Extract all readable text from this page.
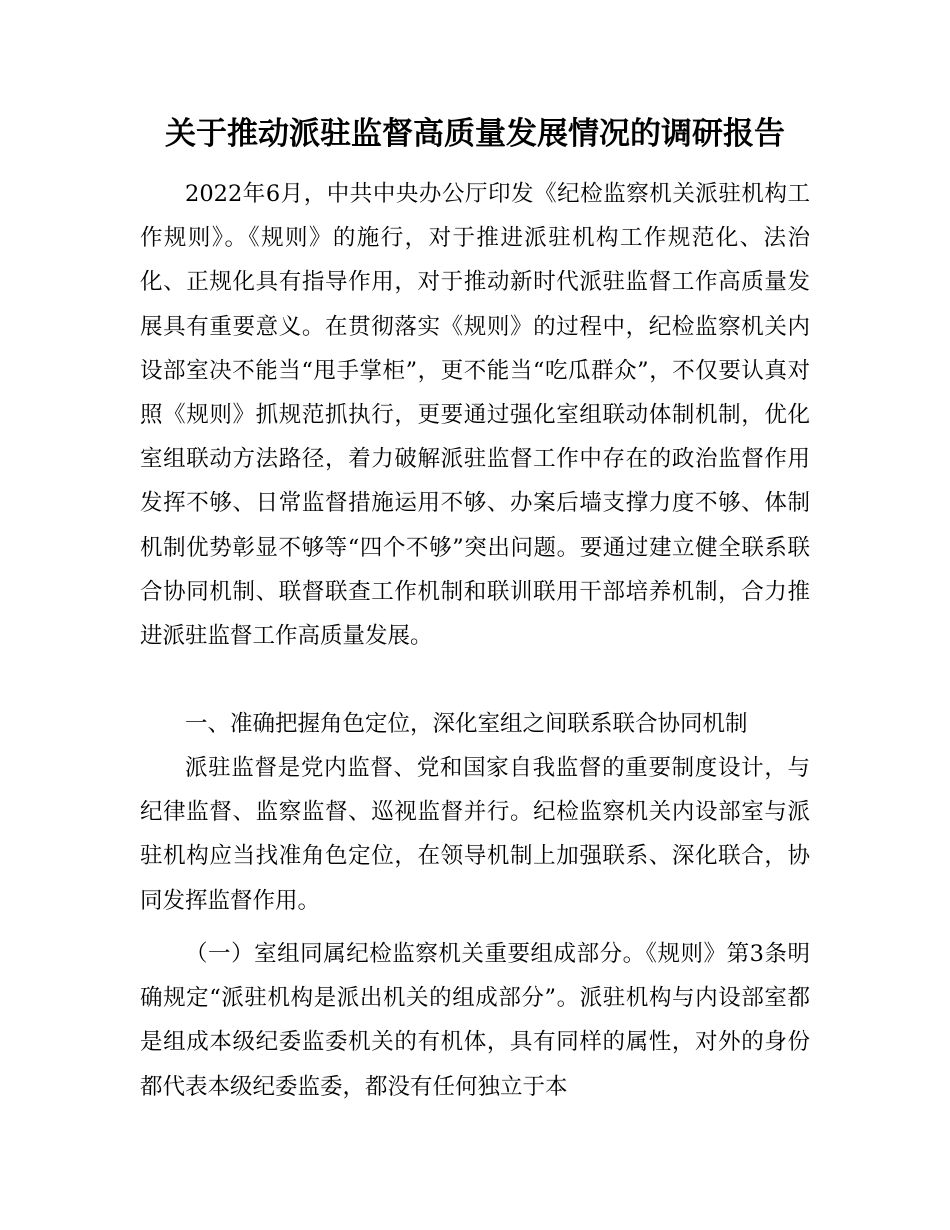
关于推动派驻监督高质量发展情况的调研报告

2022年6月，中共中央办公厅印发《纪检监察机关派驻机构工作规则》。《规则》的施行，对于推进派驻机构工作规范化、法治化、正规化具有指导作用，对于推动新时代派驻监督工作高质量发展具有重要意义。在贯彻落实《规则》的过程中，纪检监察机关内设部室决不能当“甩手掌柜”，更不能当“吃瓜群众”，不仅要认真对照《规则》抓规范抓执行，更要通过强化室组联动体制机制，优化室组联动方法路径，着力破解派驻监督工作中存在的政治监督作用发挥不够、日常监督措施运用不够、办案后墙支撑力度不够、体制机制优势彰显不够等“四个不够”突出问题。要通过建立健全联系联合协同机制、联督联查工作机制和联训联用干部培养机制，合力推进派驻监督工作高质量发展。

一、准确把握角色定位，深化室组之间联系联合协同机制

派驻监督是党内监督、党和国家自我监督的重要制度设计，与纪律监督、监察监督、巡视监督并行。纪检监察机关内设部室与派驻机构应当找准角色定位，在领导机制上加强联系、深化联合，协同发挥监督作用。

（一）室组同属纪检监察机关重要组成部分。《规则》第3条明确规定“派驻机构是派出机关的组成部分”。派驻机构与内设部室都是组成本级纪委监委机关的有机体，具有同样的属性，对外的身份都代表本级纪委监委，都没有任何独立于本
